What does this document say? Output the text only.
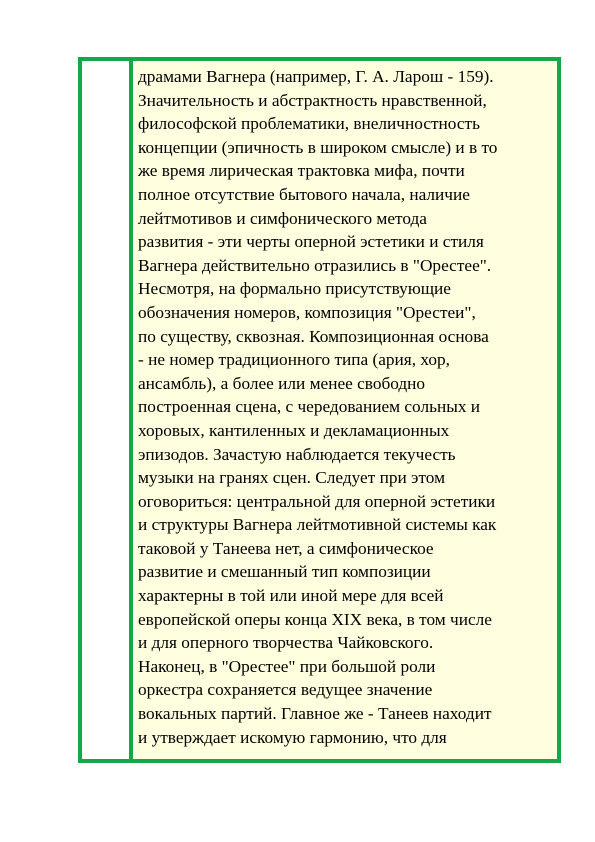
драмами Вагнера (например, Г. А. Ларош - 159).
Значительность и абстрактность нравственной,
философской проблематики, внеличностность
концепции (эпичность в широком смысле) и в то
же время лирическая трактовка мифа, почти
полное отсутствие бытового начала, наличие
лейтмотивов и симфонического метода
развития - эти черты оперной эстетики и стиля
Вагнера действительно отразились в "Орестее".
Несмотря, на формально присутствующие
обозначения номеров, композиция "Орестеи",
по существу, сквозная. Композиционная основа
- не номер традиционного типа (ария, хор,
ансамбль), а более или менее свободно
построенная сцена, с чередованием сольных и
хоровых, кантиленных и декламационных
эпизодов. Зачастую наблюдается текучесть
музыки на гранях сцен. Следует при этом
оговориться: центральной для оперной эстетики
и структуры Вагнера лейтмотивной системы как
таковой у Танеева нет, а симфоническое
развитие и смешанный тип композиции
характерны в той или иной мере для всей
европейской оперы конца XIX века, в том числе
и для оперного творчества Чайковского.
Наконец, в "Орестее" при большой роли
оркестра сохраняется ведущее значение
вокальных партий. Главное же - Танеев находит
и утверждает искомую гармонию, что для
